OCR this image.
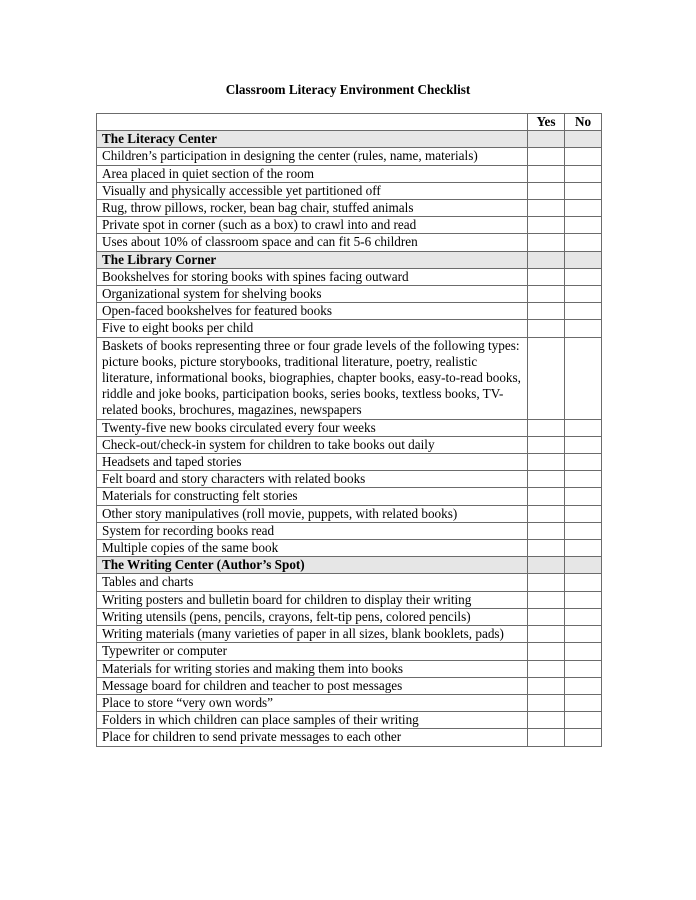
Classroom Literacy Environment Checklist
	Yes	No
The Literacy Center		
Children’s participation in designing the center (rules, name, materials)		
Area placed in quiet section of the room		
Visually and physically accessible yet partitioned off		
Rug, throw pillows, rocker, bean bag chair, stuffed animals		
Private spot in corner (such as a box) to crawl into and read		
Uses about 10% of classroom space and can fit 5-6 children		
The Library Corner		
Bookshelves for storing books with spines facing outward		
Organizational system for shelving books		
Open-faced bookshelves for featured books		
Five to eight books per child		
Baskets of books representing three or four grade levels of the following types: picture books, picture storybooks, traditional literature, poetry, realistic literature, informational books, biographies, chapter books, easy-to-read books, riddle and joke books, participation books, series books, textless books, TV-related books, brochures, magazines, newspapers		
Twenty-five new books circulated every four weeks		
Check-out/check-in system for children to take books out daily		
Headsets and taped stories		
Felt board and story characters with related books		
Materials for constructing felt stories		
Other story manipulatives (roll movie, puppets, with related books)		
System for recording books read		
Multiple copies of the same book		
The Writing Center (Author’s Spot)		
Tables and charts		
Writing posters and bulletin board for children to display their writing		
Writing utensils (pens, pencils, crayons, felt-tip pens, colored pencils)		
Writing materials (many varieties of paper in all sizes, blank booklets, pads)		
Typewriter or computer		
Materials for writing stories and making them into books		
Message board for children and teacher to post messages		
Place to store “very own words”		
Folders in which children can place samples of their writing		
Place for children to send private messages to each other		
